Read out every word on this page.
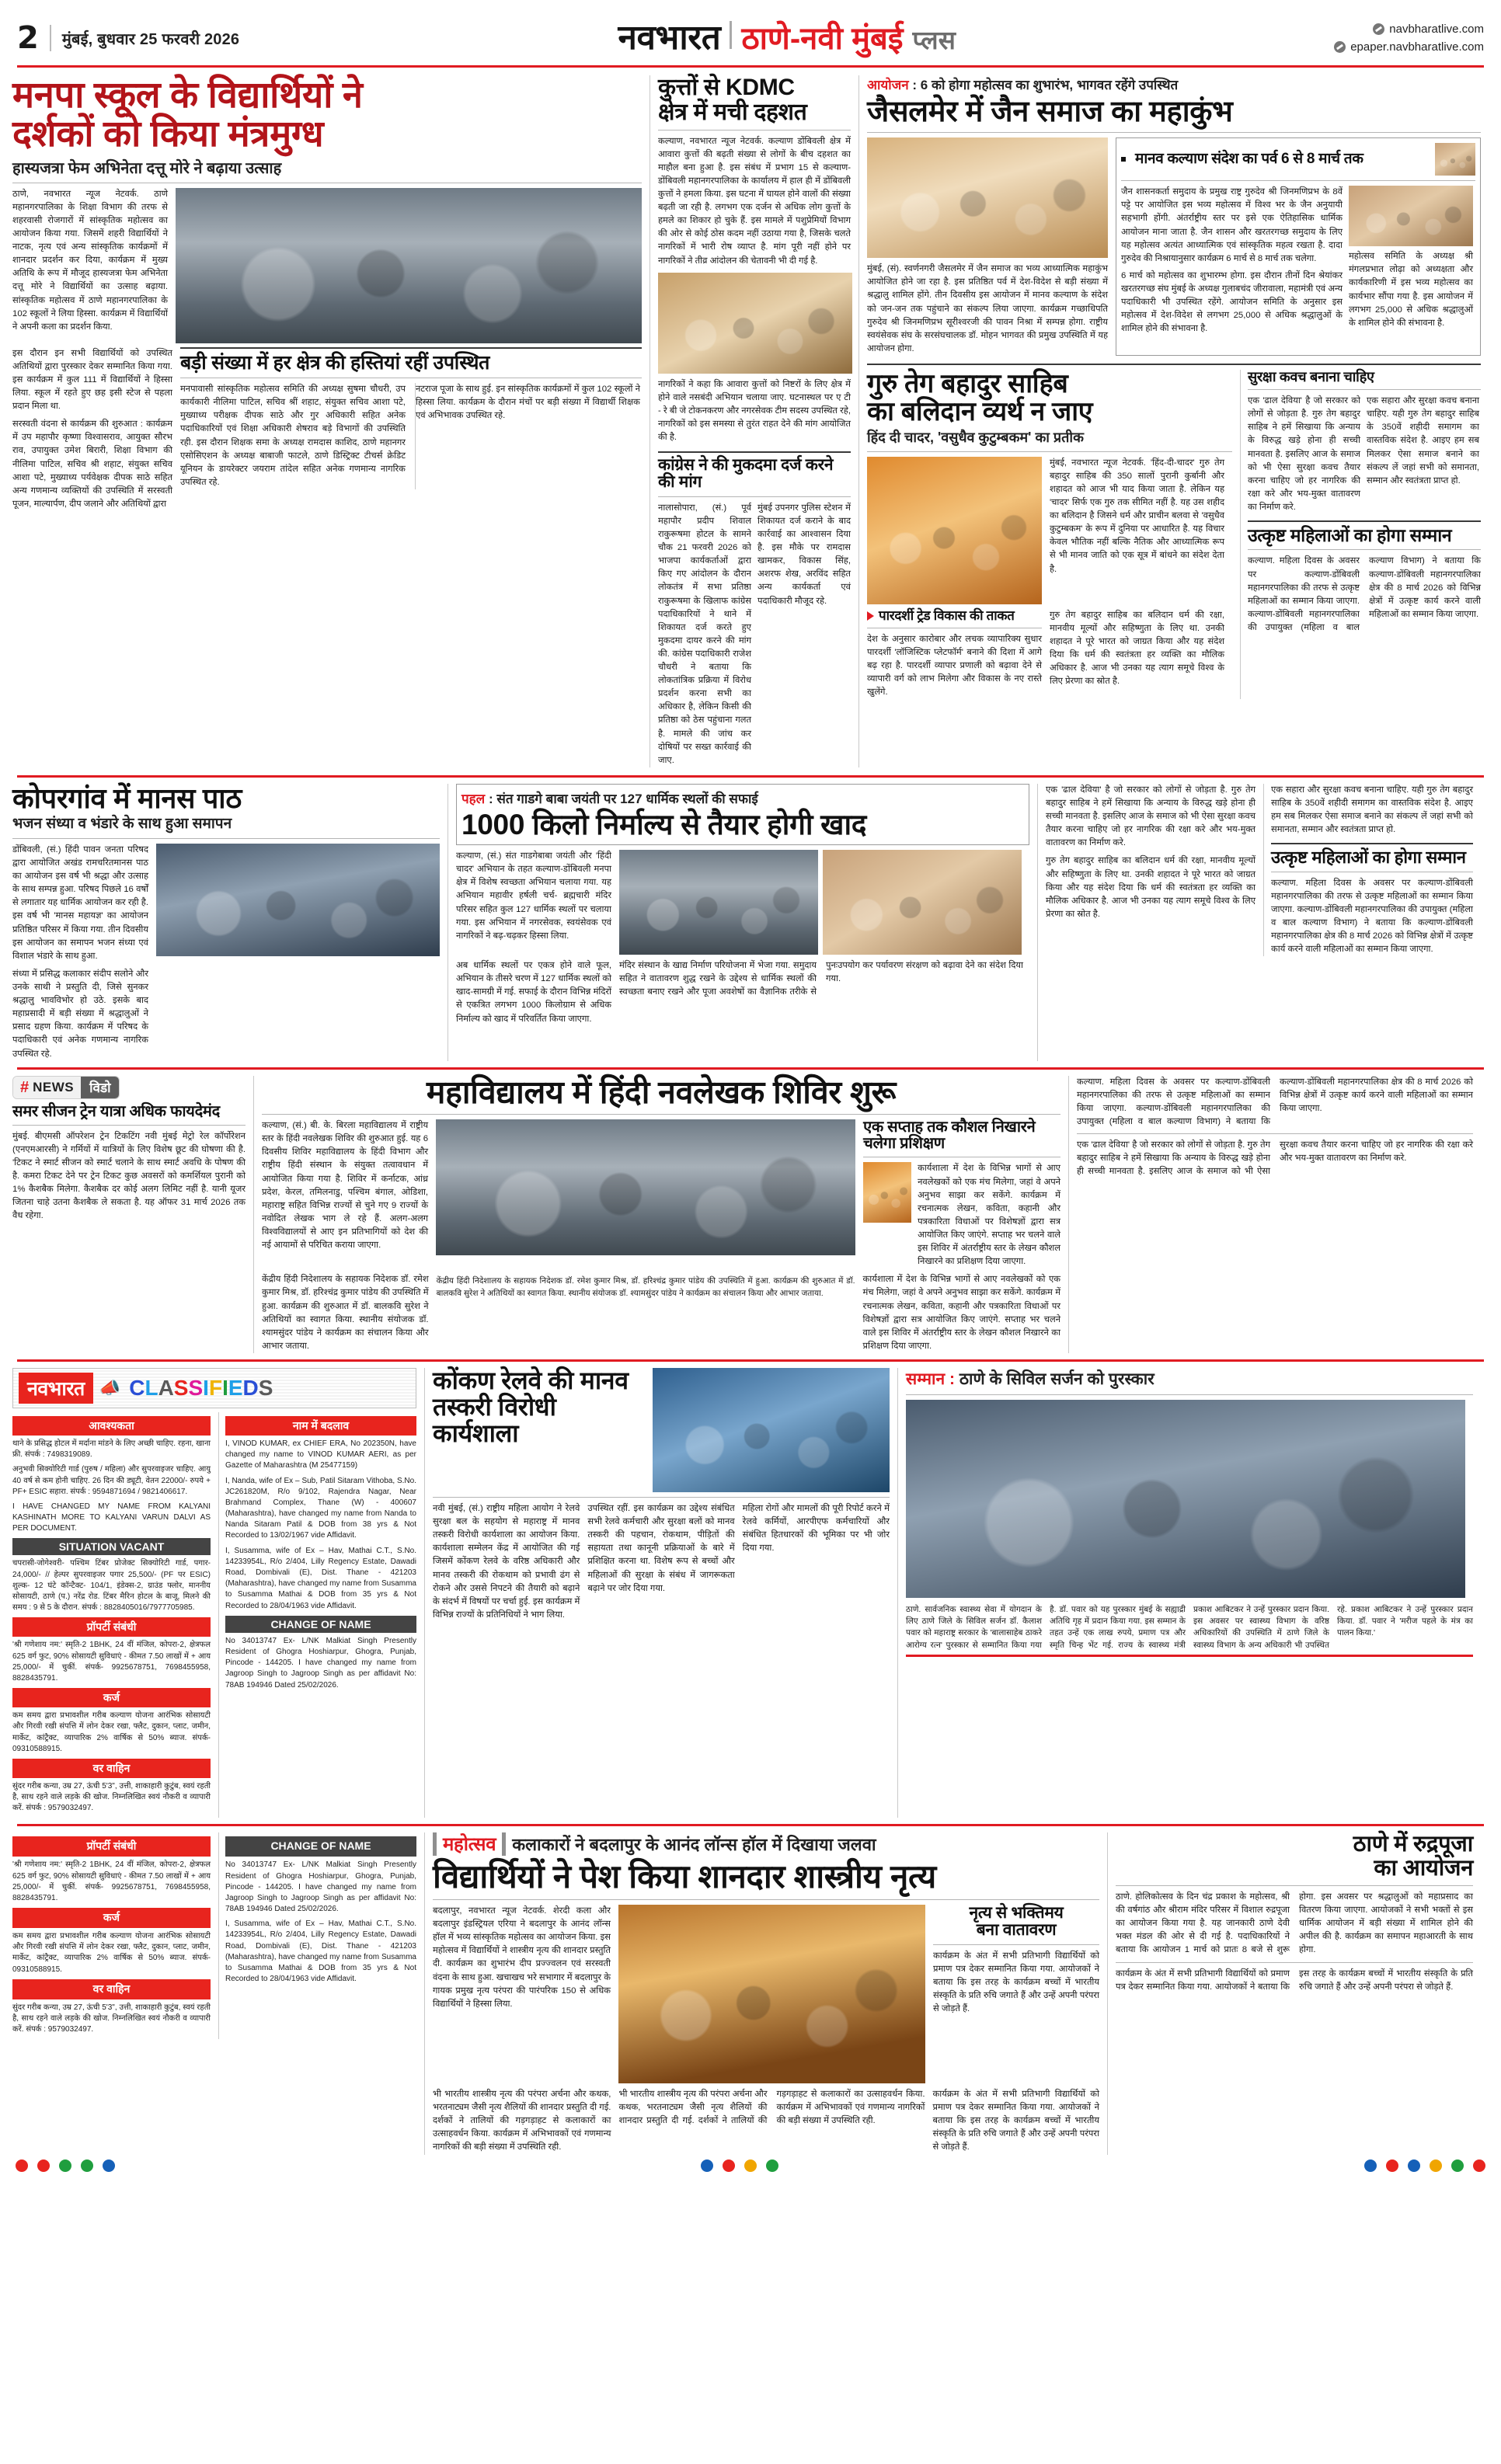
2 मुंबई, बुधवार 25 फरवरी 2026	नवभारत ठाणे-नवी मुंबई प्लस	navbharatlive.com
epaper.navbharatlive.com
मनपा स्कूल के विद्यार्थियों ने
दर्शकों को किया मंत्रमुग्ध
हास्यजत्रा फेम अभिनेता दत्तू मोरे ने बढ़ाया उत्साह
ठाणे, नवभारत न्यूज नेटवर्क. ठाणे महानगरपालिका के शिक्षा विभाग की तरफ से शहरवासी रोजगारों में सांस्कृतिक महोत्सव का आयोजन किया गया. जिसमें शहरी विद्यार्थियों ने नाटक, नृत्य एवं अन्य सांस्कृतिक कार्यक्रमों में शानदार प्रदर्शन कर दिया, कार्यक्रम में मुख्य अतिथि के रूप में मौजूद हास्यजत्रा फेम अभिनेता दत्तू मोरे ने विद्यार्थियों का उत्साह बढ़ाया. सांस्कृतिक महोत्सव में ठाणे महानगरपालिका के 102 स्कूलों ने लिया हिस्सा. कार्यक्रम में विद्यार्थियों ने अपनी कला का प्रदर्शन किया.
इस दौरान इन सभी विद्यार्थियों को उपस्थित अतिथियों द्वारा पुरस्कार देकर सम्मानित किया गया. इस कार्यक्रम में कुल 111 में विद्यार्थियों ने हिस्सा लिया. स्कूल में रहते हुए छह इसी स्टेज से पहला प्रदान मिला था.
सरस्वती वंदना से कार्यक्रम की शुरुआत : कार्यक्रम में उप महापौर कृष्णा विश्वासराव, आयुक्त सौरभ राव, उपायुक्त उमेश बिरारी, शिक्षा विभाग की नीलिमा पाटिल, सचिव श्री शहाट, संयुक्त सचिव आशा पटे, मुख्याध्य पर्यवेक्षक दीपक साठे सहित अन्य गणमान्य व्यक्तियों की उपस्थिति में सरस्वती पूजन, माल्यार्पण, दीप जलाने और अतिथियों द्वारा
बड़ी संख्या में हर क्षेत्र की हस्तियां रहीं उपस्थित
मनपावासी सांस्कृतिक महोत्सव समिति की अध्यक्ष सुषमा चौधरी, उप कार्यकारी नीलिमा पाटिल, सचिव श्रीं शहाट, संयुक्त सचिव आशा पटे, मुख्याध्य परीक्षक दीपक साठे और गुर अधिकारी सहित अनेक पदाधिकारियों एवं शिक्षा अधिकारी शेषराव बड़े विभागों की उपस्थिति रही. इस दौरान शिक्षक समा के अध्यक्ष रामदास काशिद, ठाणे महानगर एसोसिएशन के अध्यक्ष बाबाजी फाटले, ठाणे डिस्ट्रिक्ट टीचर्स क्रेडिट यूनियन के डायरेक्टर जयराम तांदेल सहित अनेक गणमान्य नागरिक उपस्थित रहे.
नटराज पूजा के साथ हुई. इन सांस्कृतिक कार्यक्रमों में कुल 102 स्कूलों ने हिस्सा लिया. कार्यक्रम के दौरान मंचों पर बड़ी संख्या में विद्यार्थी शिक्षक एवं अभिभावक उपस्थित रहे.
कुत्तों से KDMC
क्षेत्र में मची दहशत
कल्याण, नवभारत न्यूज नेटवर्क. कल्याण डोंबिवली क्षेत्र में आवारा कुत्तों की बढ़ती संख्या से लोगों के बीच दहशत का माहौल बना हुआ है. इस संबंध में प्रभाग 15 से कल्याण-डोंबिवली महानगरपालिका के कार्यालय में हाल ही में डोंबिवली कुत्तों ने हमला किया. इस घटना में घायल होने वालों की संख्या बढ़ती जा रही है. लगभग एक दर्जन से अधिक लोग कुत्तों के हमले का शिकार हो चुके हैं. इस मामले में पशुप्रेमियों विभाग की ओर से कोई ठोस कदम नहीं उठाया गया है, जिसके चलते नागरिकों में भारी रोष व्याप्त है. मांग पूरी नहीं होने पर नागरिकों ने तीव्र आंदोलन की चेतावनी भी दी गई है.
नागरिकों ने कहा कि आवारा कुत्तों को निष्टरों के लिए क्षेत्र में होने वाले नसबंदी अभियान चलाया जाए. घटनास्थल पर ए टी - रे बी जे टोकनकरण और नगरसेवक टीम सदस्य उपस्थित रहे, नागरिकों को इस समस्या से तुरंत राहत देने की मांग आयोजित की है.
कांग्रेस ने की मुकदमा दर्ज करने की मांग
नालासोपारा, (सं.) पूर्व महापौर प्रदीप शिवाल राकुरूषमा होटल के सामने चौक 21 फरवरी 2026 को भाजपा कार्यकर्ताओं द्वारा किए गए आंदोलन के दौरान लोकतंत्र में सभा प्रतिष्ठा राकुरूषमा के खिलाफ कांग्रेस पदाधिकारियों ने थाने में शिकायत दर्ज करते हुए मुकदमा दायर करने की मांग की. कांग्रेस पदाधिकारी राजेश चौधरी ने बताया कि लोकतांत्रिक प्रक्रिया में विरोध प्रदर्शन करना सभी का अधिकार है, लेकिन किसी की प्रतिष्ठा को ठेस पहुंचाना गलत है. मामले की जांच कर दोषियों पर सख्त कार्रवाई की जाए.
मुंबई उपनगर पुलिस स्टेशन में शिकायत दर्ज कराने के बाद कार्रवाई का आश्वासन दिया है. इस मौके पर रामदास खामकर, विकास सिंह, अशरफ शेख, अरविंद सहित अन्य कार्यकर्ता एवं पदाधिकारी मौजूद रहे.
आयोजन : 6 को होगा महोत्सव का शुभारंभ, भागवत रहेंगे उपस्थित
जैसलमेर में जैन समाज का महाकुंभ
मुंबई, (सं). स्वर्णनगरी जैसलमेर में जैन समाज का भव्य आध्यात्मिक महाकुंभ आयोजित होने जा रहा है. इस प्रतिष्ठित पर्व में देश-विदेश से बड़ी संख्या में श्रद्धालु शामिल होंगे. तीन दिवसीय इस आयोजन में मानव कल्याण के संदेश को जन-जन तक पहुंचाने का संकल्प लिया जाएगा. कार्यक्रम गच्छाधिपति गुरुदेव श्री जिनमणिप्रभ सूरीश्वरजी की पावन निश्रा में सम्पन्न होगा. राष्ट्रीय स्वयंसेवक संघ के सरसंघचालक डॉ. मोहन भागवत की प्रमुख उपस्थिति में यह आयोजन होगा.
मानव कल्याण संदेश का पर्व 6 से 8 मार्च तक
जैन शासनकर्ता समुदाय के प्रमुख राष्ट्र गुरुदेव श्री जिनमणिप्रभ के 8वें पट्टे पर आयोजित इस भव्य महोत्सव में विश्व भर के जैन अनुयायी सहभागी होंगी. अंतर्राष्ट्रीय स्तर पर इसे एक ऐतिहासिक धार्मिक आयोजन माना जाता है. जैन शासन और खरतरगच्छ समुदाय के लिए यह महोत्सव अत्यंत आध्यात्मिक एवं सांस्कृतिक महत्व रखता है. दादा गुरुदेव की निश्रायानुसार कार्यक्रम 6 मार्च से 8 मार्च तक चलेगा.
6 मार्च को महोत्सव का शुभारम्भ होगा. इस दौरान तीनों दिन श्रेयांकर खरतरगच्छ संघ मुंबई के अध्यक्ष गुलाबचंद जीरावाला, महामंत्री एवं अन्य पदाधिकारी भी उपस्थित रहेंगे. आयोजन समिति के अनुसार इस महोत्सव में देश-विदेश से लगभग 25,000 से अधिक श्रद्धालुओं के शामिल होने की संभावना है.
महोत्सव समिति के अध्यक्ष श्री मंगलप्रभात लोढ़ा को अध्यक्षता और कार्यकारिणी में इस भव्य महोत्सव का कार्यभार सौंपा गया है. इस आयोजन में लगभग 25,000 से अधिक श्रद्धालुओं के शामिल होने की संभावना है.
गुरु तेग बहादुर साहिब
का बलिदान व्यर्थ न जाए
हिंद दी चादर, 'वसुधैव कुटुम्बकम' का प्रतीक
मुंबई, नवभारत न्यूज नेटवर्क. 'हिंद-दी-चादर' गुरु तेग बहादुर साहिब की 350 सालों पुरानी कुर्बानी और शहादत को आज भी याद किया जाता है. लेकिन यह 'चादर' सिर्फ एक गुरु तक सीमित नहीं है. यह उस शहीद का बलिदान है जिसने धर्म और प्राचीन बलवा से 'वसुधैव कुटुम्बकम' के रूप में दुनिया पर आधारित है. यह विचार केवल भौतिक नहीं बल्कि नैतिक और आध्यात्मिक रूप से भी मानव जाति को एक सूत्र में बांधने का संदेश देता है.
पारदर्शी ट्रेड विकास की ताकत
देश के अनुसार कारोबार और लचक व्यापारिक्य सुधार पारदर्शी 'लॉजिस्टिक प्लेटफॉर्म' बनाने की दिशा में आगे बढ़ रहा है. पारदर्शी व्यापार प्रणाली को बढ़ावा देने से व्यापारी वर्ग को लाभ मिलेगा और विकास के नए रास्ते खुलेंगे.
गुरु तेग बहादुर साहिब का बलिदान धर्म की रक्षा, मानवीय मूल्यों और सहिष्णुता के लिए था. उनकी शहादत ने पूरे भारत को जाग्रत किया और यह संदेश दिया कि धर्म की स्वतंत्रता हर व्यक्ति का मौलिक अधिकार है. आज भी उनका यह त्याग समूचे विश्व के लिए प्रेरणा का स्रोत है.
सुरक्षा कवच बनाना चाहिए
एक 'ढाल देविया' है जो सरकार को लोगों से जोड़ता है. गुरु तेग बहादुर साहिब ने हमें सिखाया कि अन्याय के विरुद्ध खड़े होना ही सच्ची मानवता है. इसलिए आज के समाज को भी ऐसा सुरक्षा कवच तैयार करना चाहिए जो हर नागरिक की रक्षा करे और भय-मुक्त वातावरण का निर्माण करे.
एक सहारा और सुरक्षा कवच बनाना चाहिए. यही गुरु तेग बहादुर साहिब के 350वें शहीदी समागम का वास्तविक संदेश है. आइए हम सब मिलकर ऐसा समाज बनाने का संकल्प लें जहां सभी को समानता, सम्मान और स्वतंत्रता प्राप्त हो.
उत्कृष्ट महिलाओं का होगा सम्मान
कल्याण. महिला दिवस के अवसर पर कल्याण-डोंबिवली महानगरपालिका की तरफ से उत्कृष्ट महिलाओं का सम्मान किया जाएगा. कल्याण-डोंबिवली महानगरपालिका की उपायुक्त (महिला व बाल कल्याण विभाग) ने बताया कि कल्याण-डोंबिवली महानगरपालिका क्षेत्र की 8 मार्च 2026 को विभिन्न क्षेत्रों में उत्कृष्ट कार्य करने वाली महिलाओं का सम्मान किया जाएगा.
कोपरगांव में मानस पाठ
भजन संध्या व भंडारे के साथ हुआ समापन
डोंबिवली, (सं.) हिंदी पावन जनता परिषद द्वारा आयोजित अखंड रामचरितमानस पाठ का आयोजन इस वर्ष भी श्रद्धा और उत्साह के साथ सम्पन्न हुआ. परिषद पिछले 16 वर्षों से लगातार यह धार्मिक आयोजन कर रही है. इस वर्ष भी 'मानस महायज्ञ' का आयोजन प्रतिष्ठित परिसर में किया गया. तीन दिवसीय इस आयोजन का समापन भजन संध्या एवं विशाल भंडारे के साथ हुआ.
संध्या में प्रसिद्ध कलाकार संदीप सलोने और उनके साथी ने प्रस्तुति दी, जिसे सुनकर श्रद्धालु भावविभोर हो उठे. इसके बाद महाप्रसादी में बड़ी संख्या में श्रद्धालुओं ने प्रसाद ग्रहण किया. कार्यक्रम में परिषद के पदाधिकारी एवं अनेक गणमान्य नागरिक उपस्थित रहे.
पहल : संत गाडगे बाबा जयंती पर 127 धार्मिक स्थलों की सफाई
1000 किलो निर्माल्य से तैयार होगी खाद
कल्याण, (सं.) संत गाडगेबाबा जयंती और 'हिंदी चादर' अभियान के तहत कल्याण-डोंबिवली मनपा क्षेत्र में विशेष स्वच्छता अभियान चलाया गया. यह अभियान महावीर हर्षली चर्च- ब्रह्मचारी मंदिर परिसर सहित कुल 127 धार्मिक स्थलों पर चलाया गया. इस अभियान में नगरसेवक, स्वयंसेवक एवं नागरिकों ने बढ़-चढ़कर हिस्सा लिया.
अब धार्मिक स्थलों पर एकत्र होने वाले फूल, अभियान के तीसरे चरण में 127 धार्मिक स्थलों को खाद-सामग्री में गई. सफाई के दौरान विभिन्न मंदिरों से एकत्रित लगभग 1000 किलोग्राम से अधिक निर्माल्य को खाद में परिवर्तित किया जाएगा.
मंदिर संस्थान के खाद्य निर्माण परियोजना में भेजा गया. समुदाय सहित ने वातावरण शुद्ध रखने के उद्देश्य से धार्मिक स्थलों की स्वच्छता बनाए रखने और पूजा अवशेषों का वैज्ञानिक तरीके से पुनःउपयोग कर पर्यावरण संरक्षण को बढ़ावा देने का संदेश दिया गया.
एक 'ढाल देविया' है जो सरकार को लोगों से जोड़ता है. गुरु तेग बहादुर साहिब ने हमें सिखाया कि अन्याय के विरुद्ध खड़े होना ही सच्ची मानवता है. इसलिए आज के समाज को भी ऐसा सुरक्षा कवच तैयार करना चाहिए जो हर नागरिक की रक्षा करे और भय-मुक्त वातावरण का निर्माण करे.
गुरु तेग बहादुर साहिब का बलिदान धर्म की रक्षा, मानवीय मूल्यों और सहिष्णुता के लिए था. उनकी शहादत ने पूरे भारत को जाग्रत किया और यह संदेश दिया कि धर्म की स्वतंत्रता हर व्यक्ति का मौलिक अधिकार है. आज भी उनका यह त्याग समूचे विश्व के लिए प्रेरणा का स्रोत है.
एक सहारा और सुरक्षा कवच बनाना चाहिए. यही गुरु तेग बहादुर साहिब के 350वें शहीदी समागम का वास्तविक संदेश है. आइए हम सब मिलकर ऐसा समाज बनाने का संकल्प लें जहां सभी को समानता, सम्मान और स्वतंत्रता प्राप्त हो.
उत्कृष्ट महिलाओं का होगा सम्मान
कल्याण. महिला दिवस के अवसर पर कल्याण-डोंबिवली महानगरपालिका की तरफ से उत्कृष्ट महिलाओं का सम्मान किया जाएगा. कल्याण-डोंबिवली महानगरपालिका की उपायुक्त (महिला व बाल कल्याण विभाग) ने बताया कि कल्याण-डोंबिवली महानगरपालिका क्षेत्र की 8 मार्च 2026 को विभिन्न क्षेत्रों में उत्कृष्ट कार्य करने वाली महिलाओं का सम्मान किया जाएगा.
# NEWS	विडो
समर सीजन ट्रेन यात्रा अधिक फायदेमंद
मुंबई. बीएमसी ऑपरेशन ट्रेन टिकटिंग नवी मुंबई मेट्रो रेल कॉर्पोरेशन (एनएमआरसी) ने गर्मियों में यात्रियों के लिए विशेष छूट की घोषणा की है. 'टिकट ने स्मार्ट सीजन को स्मार्ट चलाने के साथ स्मार्ट अवधि के पोषण की है. कमरा टिकट देने पर ट्रेन टिकट कुछ अवसरों को कमर्शियल पुरानी को 1% कैशबैक मिलेगा. कैशबैक दर कोई अलग लिमिट नहीं है. यानी यूजर जितना चाहे उतना कैशबैक ले सकता है. यह ऑफर 31 मार्च 2026 तक वैध रहेगा.
महाविद्यालय में हिंदी नवलेखक शिविर शुरू
कल्याण, (सं.) बी. के. बिरला महाविद्यालय में राष्ट्रीय स्तर के हिंदी नवलेखक शिविर की शुरुआत हुई. यह 6 दिवसीय शिविर महाविद्यालय के हिंदी विभाग और राष्ट्रीय हिंदी संस्थान के संयुक्त तत्वावधान में आयोजित किया गया है. शिविर में कर्नाटक, आंध्र प्रदेश, केरल, तमिलनाडु, पश्चिम बंगाल, ओडिशा, महाराष्ट्र सहित विभिन्न राज्यों से चुने गए 9 राज्यों के नवोदित लेखक भाग ले रहे हैं. अलग-अलग विश्वविद्यालयों से आए इन प्रतिभागियों को देश की नई आयामों से परिचित कराया जाएगा.
एक सप्ताह तक कौशल निखारने चलेगा प्रशिक्षण
कार्यशाला में देश के विभिन्न भागों से आए नवलेखकों को एक मंच मिलेगा, जहां वे अपने अनुभव साझा कर सकेंगे. कार्यक्रम में रचनात्मक लेखन, कविता, कहानी और पत्रकारिता विधाओं पर विशेषज्ञों द्वारा सत्र आयोजित किए जाएंगे. सप्ताह भर चलने वाले इस शिविर में अंतर्राष्ट्रीय स्तर के लेखन कौशल निखारने का प्रशिक्षण दिया जाएगा.
केंद्रीय हिंदी निदेशालय के सहायक निदेशक डॉ. रमेश कुमार मिश्र, डॉ. हरिश्चंद्र कुमार पांडेय की उपस्थिति में हुआ. कार्यक्रम की शुरुआत में डॉ. बालकवि सुरेश ने अतिथियों का स्वागत किया. स्थानीय संयोजक डॉ. श्यामसुंदर पांडेय ने कार्यक्रम का संचालन किया और आभार जताया.
केंद्रीय हिंदी निदेशालय के सहायक निदेशक डॉ. रमेश कुमार मिश्र, डॉ. हरिश्चंद्र कुमार पांडेय की उपस्थिति में हुआ. कार्यक्रम की शुरुआत में डॉ. बालकवि सुरेश ने अतिथियों का स्वागत किया. स्थानीय संयोजक डॉ. श्यामसुंदर पांडेय ने कार्यक्रम का संचालन किया और आभार जताया.
कार्यशाला में देश के विभिन्न भागों से आए नवलेखकों को एक मंच मिलेगा, जहां वे अपने अनुभव साझा कर सकेंगे. कार्यक्रम में रचनात्मक लेखन, कविता, कहानी और पत्रकारिता विधाओं पर विशेषज्ञों द्वारा सत्र आयोजित किए जाएंगे. सप्ताह भर चलने वाले इस शिविर में अंतर्राष्ट्रीय स्तर के लेखन कौशल निखारने का प्रशिक्षण दिया जाएगा.
कल्याण. महिला दिवस के अवसर पर कल्याण-डोंबिवली महानगरपालिका की तरफ से उत्कृष्ट महिलाओं का सम्मान किया जाएगा. कल्याण-डोंबिवली महानगरपालिका की उपायुक्त (महिला व बाल कल्याण विभाग) ने बताया कि कल्याण-डोंबिवली महानगरपालिका क्षेत्र की 8 मार्च 2026 को विभिन्न क्षेत्रों में उत्कृष्ट कार्य करने वाली महिलाओं का सम्मान किया जाएगा.
एक 'ढाल देविया' है जो सरकार को लोगों से जोड़ता है. गुरु तेग बहादुर साहिब ने हमें सिखाया कि अन्याय के विरुद्ध खड़े होना ही सच्ची मानवता है. इसलिए आज के समाज को भी ऐसा सुरक्षा कवच तैयार करना चाहिए जो हर नागरिक की रक्षा करे और भय-मुक्त वातावरण का निर्माण करे.
नवभारत 📣 C L A S S I F I E D S
आवश्यकता

थाने के प्रसिद्ध होटल में मर्दाना मांडने के लिए अच्छी चाहिए. रहना, खाना फ्री. संपर्क : 7498319089.

अनुभवी सिक्योरिटी गार्ड (पुरुष / महिला) और सुपरवाइजर चाहिए. आयु 40 वर्ष से कम होनी चाहिए. 26 दिन की ड्यूटी, वेतन 22000/- रुपये + PF+ ESIC सहारा. संपर्क : 9594871694 / 9821406617.

I HAVE CHANGED MY NAME FROM KALYANI KASHINATH MORE TO KALYANI VARUN DALVI AS PER DOCUMENT.

SITUATION VACANT

चपरासी-जोगेश्वरी- पश्चिम टिंबर प्रोजेक्ट सिक्योरिटी गार्ड, पगार- 24,000/- // हेल्पर सुपरवाइजर पगार 25,500/- (PF पर ESIC) शुल्क- 12 घंटे कॉन्टैक्ट- 104/1, इंडेक्स-2, ग्राउंड फ्लोर, माननीय सोसायटी, ठाणे (प.) नरेंद्र रोड. टिंबर मैरिन होटल के बाजू, मिलने की समय : 9 से 5 के दौरान. संपर्क : 8828405016/7977705985.

प्रॉपर्टी संबंधी

'श्री गणेशाय नम:' स्मृति-2 1BHK, 24 वीं मंजिल, कोपरा-2, क्षेत्रफल 625 वर्ग फुट, 90% सोसायटी सुविधाएं - कीमत 7.50 लाखों में + आय 25,000/- में चुकीं. संपर्क- 9925678751, 7698455958, 8828435791.

कर्ज

कम समय द्वारा प्रभावशील गरीब कल्याण योजना आरंभिक सोसायटी और गिरवी रखी संपत्ति में लोन देकर रखा, फ्लैट, दुकान, प्लाट, जमीन, मार्केट, कांट्रैक्ट, व्यापारिक 2% वार्षिक से 50% ब्याज. संपर्क- 09310588915.

वर वाहिन

सुंदर गरीब कन्या, उम्र 27, ऊंची 5'3", उत्ती, शाकाहारी कुटुंब, स्वयं रहती है, साथ रहने वाले लड़के की खोज. निम्नलिखित स्वयं नौकरी व व्यापारी करें. संपर्क : 9579032497.

नाम में बदलाव

I, VINOD KUMAR, ex CHIEF ERA, No 202350N, have changed my name to VINOD KUMAR AERI, as per Gazette of Maharashtra (M 25477159)

I, Nanda, wife of Ex – Sub, Patil Sitaram Vithoba, S.No. JC261820M, R/o 9/102, Rajendra Nagar, Near Brahmand Complex, Thane (W) - 400607 (Maharashtra), have changed my name from Nanda to Nanda Sitaram Patil & DOB from 38 yrs & Not Recorded to 13/02/1967 vide Affidavit.

I, Susamma, wife of Ex – Hav, Mathai C.T., S.No. 14233954L, R/o 2/404, Lilly Regency Estate, Dawadi Road, Dombivali (E), Dist. Thane - 421203 (Maharashtra), have changed my name from Susamma to Susamma Mathai & DOB from 35 yrs & Not Recorded to 28/04/1963 vide Affidavit.

CHANGE OF NAME

No 34013747 Ex- L/NK Malkiat Singh Presently Resident of Ghogra Hoshiarpur, Ghogra, Punjab, Pincode - 144205. I have changed my name from Jagroop Singh to Jagroop Singh as per affidavit No: 78AB 194946 Dated 25/02/2026.

कोंकण रेलवे की मानव
तस्करी विरोधी कार्यशाला
नवी मुंबई, (सं.) राष्ट्रीय महिला आयोग ने रेलवे सुरक्षा बल के सहयोग से महाराष्ट्र में मानव तस्करी विरोधी कार्यशाला का आयोजन किया. कार्यशाला सम्मेलन केंद्र में आयोजित की गई जिसमें कोंकण रेलवे के वरिष्ठ अधिकारी और मानव तस्करी की रोकथाम को प्रभावी ढंग से रोकने और उससे निपटने की तैयारी को बढ़ाने के संदर्भ में विषयों पर चर्चा हुई. इस कार्यक्रम में विभिन्न राज्यों के प्रतिनिधियों ने भाग लिया.
उपस्थित रहीं. इस कार्यक्रम का उद्देश्य संबंधित सभी रेलवे कर्मचारी और सुरक्षा बलों को मानव तस्करी की पहचान, रोकथाम, पीड़ितों की सहायता तथा कानूनी प्रक्रियाओं के बारे में प्रशिक्षित करना था. विशेष रूप से बच्चों और महिलाओं की सुरक्षा के संबंध में जागरूकता बढ़ाने पर जोर दिया गया.
महिला रोगों और मामलों की पूरी रिपोर्ट करने में रेलवे कर्मियों, आरपीएफ कर्मचारियों और संबंधित हितधारकों की भूमिका पर भी जोर दिया गया.
सम्मान : ठाणे के सिविल सर्जन को पुरस्कार
ठाणे. सार्वजनिक स्वास्थ्य सेवा में योगदान के लिए ठाणे जिले के सिविल सर्जन डॉ. कैलाश पवार को महाराष्ट्र सरकार के 'बालासाहेब ठाकरे आरोग्य रत्न' पुरस्कार से सम्मानित किया गया है. डॉ. पवार को यह पुरस्कार मुंबई के सह्याद्री अतिथि गृह में प्रदान किया गया. इस सम्मान के तहत उन्हें एक लाख रुपये, प्रमाण पत्र और स्मृति चिन्ह भेंट गई. राज्य के स्वास्थ्य मंत्री प्रकाश आबिटकर ने उन्हें पुरस्कार प्रदान किया. इस अवसर पर स्वास्थ्य विभाग के वरिष्ठ अधिकारियों की उपस्थिति में ठाणे जिले के स्वास्थ्य विभाग के अन्य अधिकारी भी उपस्थित रहे. प्रकाश आबिटकर ने उन्हें पुरस्कार प्रदान किया. डॉ. पवार ने 'मरीज पहले के मंत्र का पालन किया.'
प्रॉपर्टी संबंधी

'श्री गणेशाय नम:' स्मृति-2 1BHK, 24 वीं मंजिल, कोपरा-2, क्षेत्रफल 625 वर्ग फुट, 90% सोसायटी सुविधाएं - कीमत 7.50 लाखों में + आय 25,000/- में चुकीं. संपर्क- 9925678751, 7698455958, 8828435791.

कर्ज

कम समय द्वारा प्रभावशील गरीब कल्याण योजना आरंभिक सोसायटी और गिरवी रखी संपत्ति में लोन देकर रखा, फ्लैट, दुकान, प्लाट, जमीन, मार्केट, कांट्रैक्ट, व्यापारिक 2% वार्षिक से 50% ब्याज. संपर्क- 09310588915.

वर वाहिन

सुंदर गरीब कन्या, उम्र 27, ऊंची 5'3", उत्ती, शाकाहारी कुटुंब, स्वयं रहती है, साथ रहने वाले लड़के की खोज. निम्नलिखित स्वयं नौकरी व व्यापारी करें. संपर्क : 9579032497.

CHANGE OF NAME

No 34013747 Ex- L/NK Malkiat Singh Presently Resident of Ghogra Hoshiarpur, Ghogra, Punjab, Pincode - 144205. I have changed my name from Jagroop Singh to Jagroop Singh as per affidavit No: 78AB 194946 Dated 25/02/2026.

I, Susamma, wife of Ex – Hav, Mathai C.T., S.No. 14233954L, R/o 2/404, Lilly Regency Estate, Dawadi Road, Dombivali (E), Dist. Thane - 421203 (Maharashtra), have changed my name from Susamma to Susamma Mathai & DOB from 35 yrs & Not Recorded to 28/04/1963 vide Affidavit.

महोत्सव कलाकारों ने बदलापुर के आनंद लॉन्स हॉल में दिखाया जलवा
विद्यार्थियों ने पेश किया शानदार शास्त्रीय नृत्य
बदलापुर, नवभारत न्यूज नेटवर्क. शेरदी कला और बदलापुर इंडस्ट्रियल एरिया ने बदलापुर के आनंद लॉन्स हॉल में भव्य सांस्कृतिक महोत्सव का आयोजन किया. इस महोत्सव में विद्यार्थियों ने शास्त्रीय नृत्य की शानदार प्रस्तुति दी. कार्यक्रम का शुभारंभ दीप प्रज्ज्वलन एवं सरस्वती वंदना के साथ हुआ. खचाखच भरे सभागार में बदलापुर के गायक प्रमुख नृत्य परंपरा की पारंपरिक 150 से अधिक विद्यार्थियों ने हिस्सा लिया.
नृत्य से भक्तिमय
बना वातावरण
कार्यक्रम के अंत में सभी प्रतिभागी विद्यार्थियों को प्रमाण पत्र देकर सम्मानित किया गया. आयोजकों ने बताया कि इस तरह के कार्यक्रम बच्चों में भारतीय संस्कृति के प्रति रुचि जगाते हैं और उन्हें अपनी परंपरा से जोड़ते हैं.
भी भारतीय शास्त्रीय नृत्य की परंपरा अर्चना और कथक, भरतनाट्यम जैसी नृत्य शैलियों की शानदार प्रस्तुति दी गई. दर्शकों ने तालियों की गड़गड़ाहट से कलाकारों का उत्साहवर्धन किया. कार्यक्रम में अभिभावकों एवं गणमान्य नागरिकों की बड़ी संख्या में उपस्थिति रही.
भी भारतीय शास्त्रीय नृत्य की परंपरा अर्चना और कथक, भरतनाट्यम जैसी नृत्य शैलियों की शानदार प्रस्तुति दी गई. दर्शकों ने तालियों की गड़गड़ाहट से कलाकारों का उत्साहवर्धन किया. कार्यक्रम में अभिभावकों एवं गणमान्य नागरिकों की बड़ी संख्या में उपस्थिति रही.
कार्यक्रम के अंत में सभी प्रतिभागी विद्यार्थियों को प्रमाण पत्र देकर सम्मानित किया गया. आयोजकों ने बताया कि इस तरह के कार्यक्रम बच्चों में भारतीय संस्कृति के प्रति रुचि जगाते हैं और उन्हें अपनी परंपरा से जोड़ते हैं.
ठाणे में रुद्रपूजा
का आयोजन
ठाणे. होलिकोत्सव के दिन चंद्र प्रकाश के महोत्सव, श्री की वर्षगांठ और श्रीराम मंदिर परिसर में विशाल रुद्रपूजा का आयोजन किया गया है. यह जानकारी ठाणे देवी भक्त मंडल की ओर से दी गई है. पदाधिकारियों ने बताया कि आयोजन 1 मार्च को प्रातः 8 बजे से शुरू होगा. इस अवसर पर श्रद्धालुओं को महाप्रसाद का वितरण किया जाएगा. आयोजकों ने सभी भक्तों से इस धार्मिक आयोजन में बड़ी संख्या में शामिल होने की अपील की है. कार्यक्रम का समापन महाआरती के साथ होगा.
कार्यक्रम के अंत में सभी प्रतिभागी विद्यार्थियों को प्रमाण पत्र देकर सम्मानित किया गया. आयोजकों ने बताया कि इस तरह के कार्यक्रम बच्चों में भारतीय संस्कृति के प्रति रुचि जगाते हैं और उन्हें अपनी परंपरा से जोड़ते हैं.
